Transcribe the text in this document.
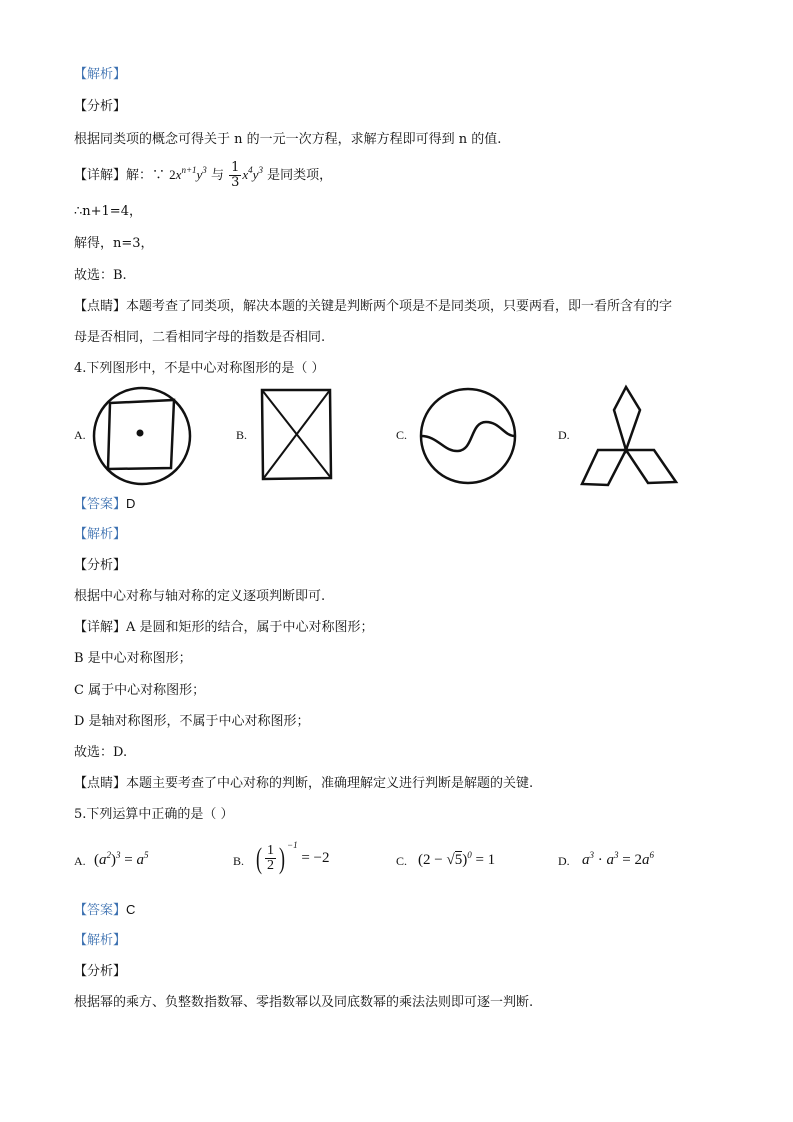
【解析】
【分析】
根据同类项的概念可得关于 n 的一元一次方程，求解方程即可得到 n 的值.
【详解】解：∵ $2x^{n+1}y^3$ 与 $\frac{1}{3} x^4y^3$ 是同类项，
∴n+1=4，
解得，n=3，
故选：B.
【点睛】本题考查了同类项，解决本题的关键是判断两个项是不是同类项，只要两看，即一看所含有的字
母是否相同，二看相同字母的指数是否相同.
4.下列图形中，不是中心对称图形的是（ ）
A.	B.	C.	D.
【答案】D
【解析】
【分析】
根据中心对称与轴对称的定义逐项判断即可.
【详解】A 是圆和矩形的结合，属于中心对称图形；
B 是中心对称图形；
C 属于中心对称图形；
D 是轴对称图形，不属于中心对称图形；
故选：D.
【点睛】本题主要考查了中心对称的判断，准确理解定义进行判断是解题的关键.
5.下列运算中正确的是（ ）
A. $(a^2)^3 = a^5$	B. ( $\frac{1}{2}$ ) $^{-1}$ = −2	C. $(2 - √5)^0 = 1$	D. $a^3 \cdot a^3 = 2a^6$
【答案】C
【解析】
【分析】
根据幂的乘方、负整数指数幂、零指数幂以及同底数幂的乘法法则即可逐一判断.
